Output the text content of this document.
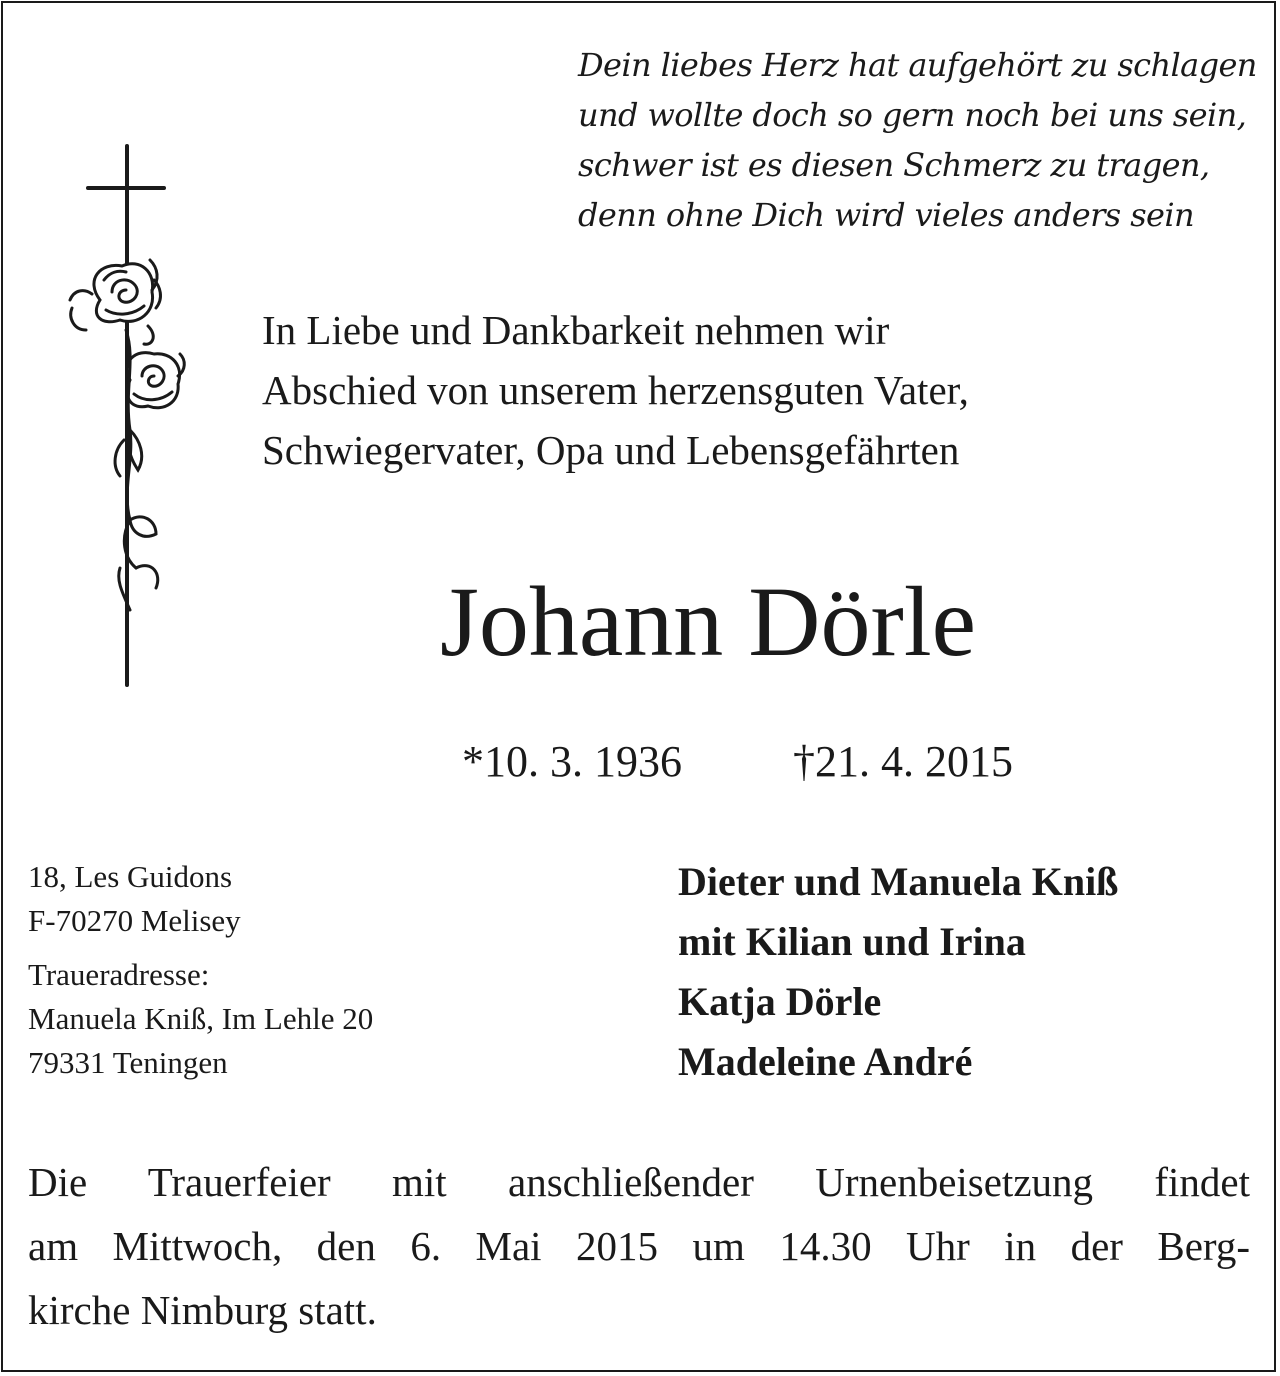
Dein liebes Herz hat aufgehört zu schlagen
und wollte doch so gern noch bei uns sein,
schwer ist es diesen Schmerz zu tragen,
denn ohne Dich wird vieles anders sein
In Liebe und Dankbarkeit nehmen wir
Abschied von unserem herzensguten Vater,
Schwiegervater, Opa und Lebensgefährten
Johann Dörle
*10. 3. 1936	†21. 4. 2015
18, Les Guidons
F-70270 Melisey
Traueradresse:
Manuela Kniß, Im Lehle 20
79331 Teningen
Dieter und Manuela Kniß
mit Kilian und Irina
Katja Dörle
Madeleine André
Die Trauerfeier mit anschließender Urnenbeisetzung findet
am Mittwoch, den 6. Mai 2015 um 14.30 Uhr in der Berg-
kirche Nimburg statt.
